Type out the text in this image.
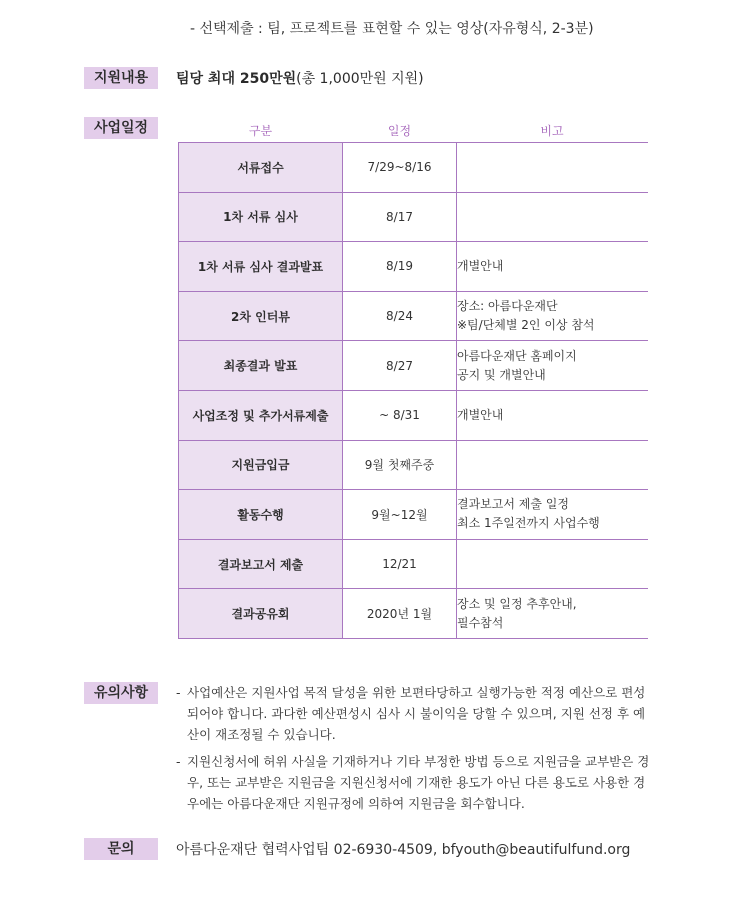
- 선택제출 : 팀, 프로젝트를 표현할 수 있는 영상(자유형식, 2-3분)
지원내용	팀당 최대 250만원(총 1,000만원 지원)
사업일정	구분	일정	비고
서류접수	7/29~8/16	
1차 서류 심사	8/17	
1차 서류 심사 결과발표	8/19	개별안내

2차 인터뷰	8/24	장소: 아름다운재단
※팀/단체별 2인 이상 참석

최종결과 발표	8/27	아름다운재단 홈페이지
공지 및 개별안내

사업조정 및 추가서류제출	~ 8/31	개별안내

지원금입금	9월 첫째주중	
활동수행	9월~12월	결과보고서 제출 일정
최소 1주일전까지 사업수행

결과보고서 제출	12/21	
결과공유회	2020년 1월	장소 및 일정 추후안내,
필수참석
유의사항	- 사업예산은 지원사업 목적 달성을 위한 보편타당하고 실행가능한 적정 예산으로 편성되어야 합니다. 과다한 예산편성시 심사 시 불이익을 당할 수 있으며, 지원 선정 후 예산이 재조정될 수 있습니다.
- 지원신청서에 허위 사실을 기재하거나 기타 부정한 방법 등으로 지원금을 교부받은 경우, 또는 교부받은 지원금을 지원신청서에 기재한 용도가 아닌 다른 용도로 사용한 경우에는 아름다운재단 지원규정에 의하여 지원금을 회수합니다.
문의	아름다운재단 협력사업팀 02-6930-4509, bfyouth@beautifulfund.org
